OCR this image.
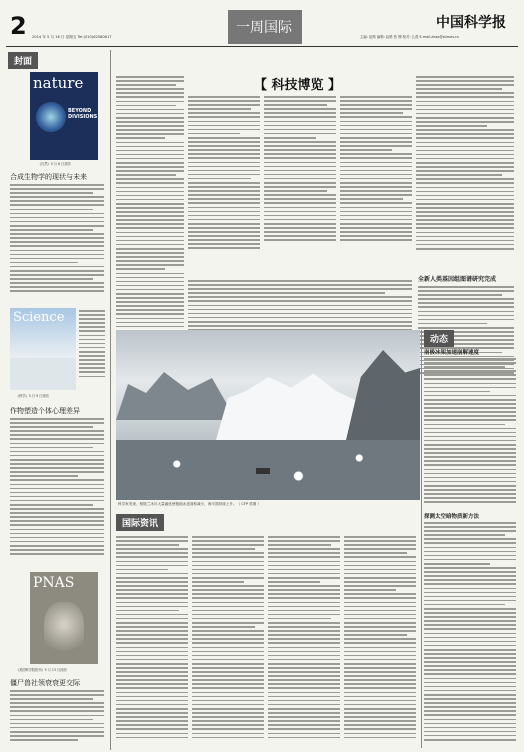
2 2014 年 5 月 16 日 星期五 Tel:(010)62580617
一周国际	中国科学报
主编: 赵路 编辑: 赵路 张 柳 校对: 么燕 E-mail:zhao@stimes.cn
封面
nature
BEYOND DIVISIONS
《自然》5 月 8 日封面
合成生物学的现状与未来
Science
《科学》5 月 9 日封面
作物塑造个体心理差异
PNAS
《美国科学院院刊》5 月 13 日封面
僵尸兽社领衰衰更交际
【 科技博览 】
全新人类基因组图谱研究完成
科学家发现，格陵兰冰川大量融化使极地冰盖面积减少，海平面持续上升。（ CFP 供图 ）
动态
南极冰架加速崩解速度
探测太空暗物质新方法
国际资讯
